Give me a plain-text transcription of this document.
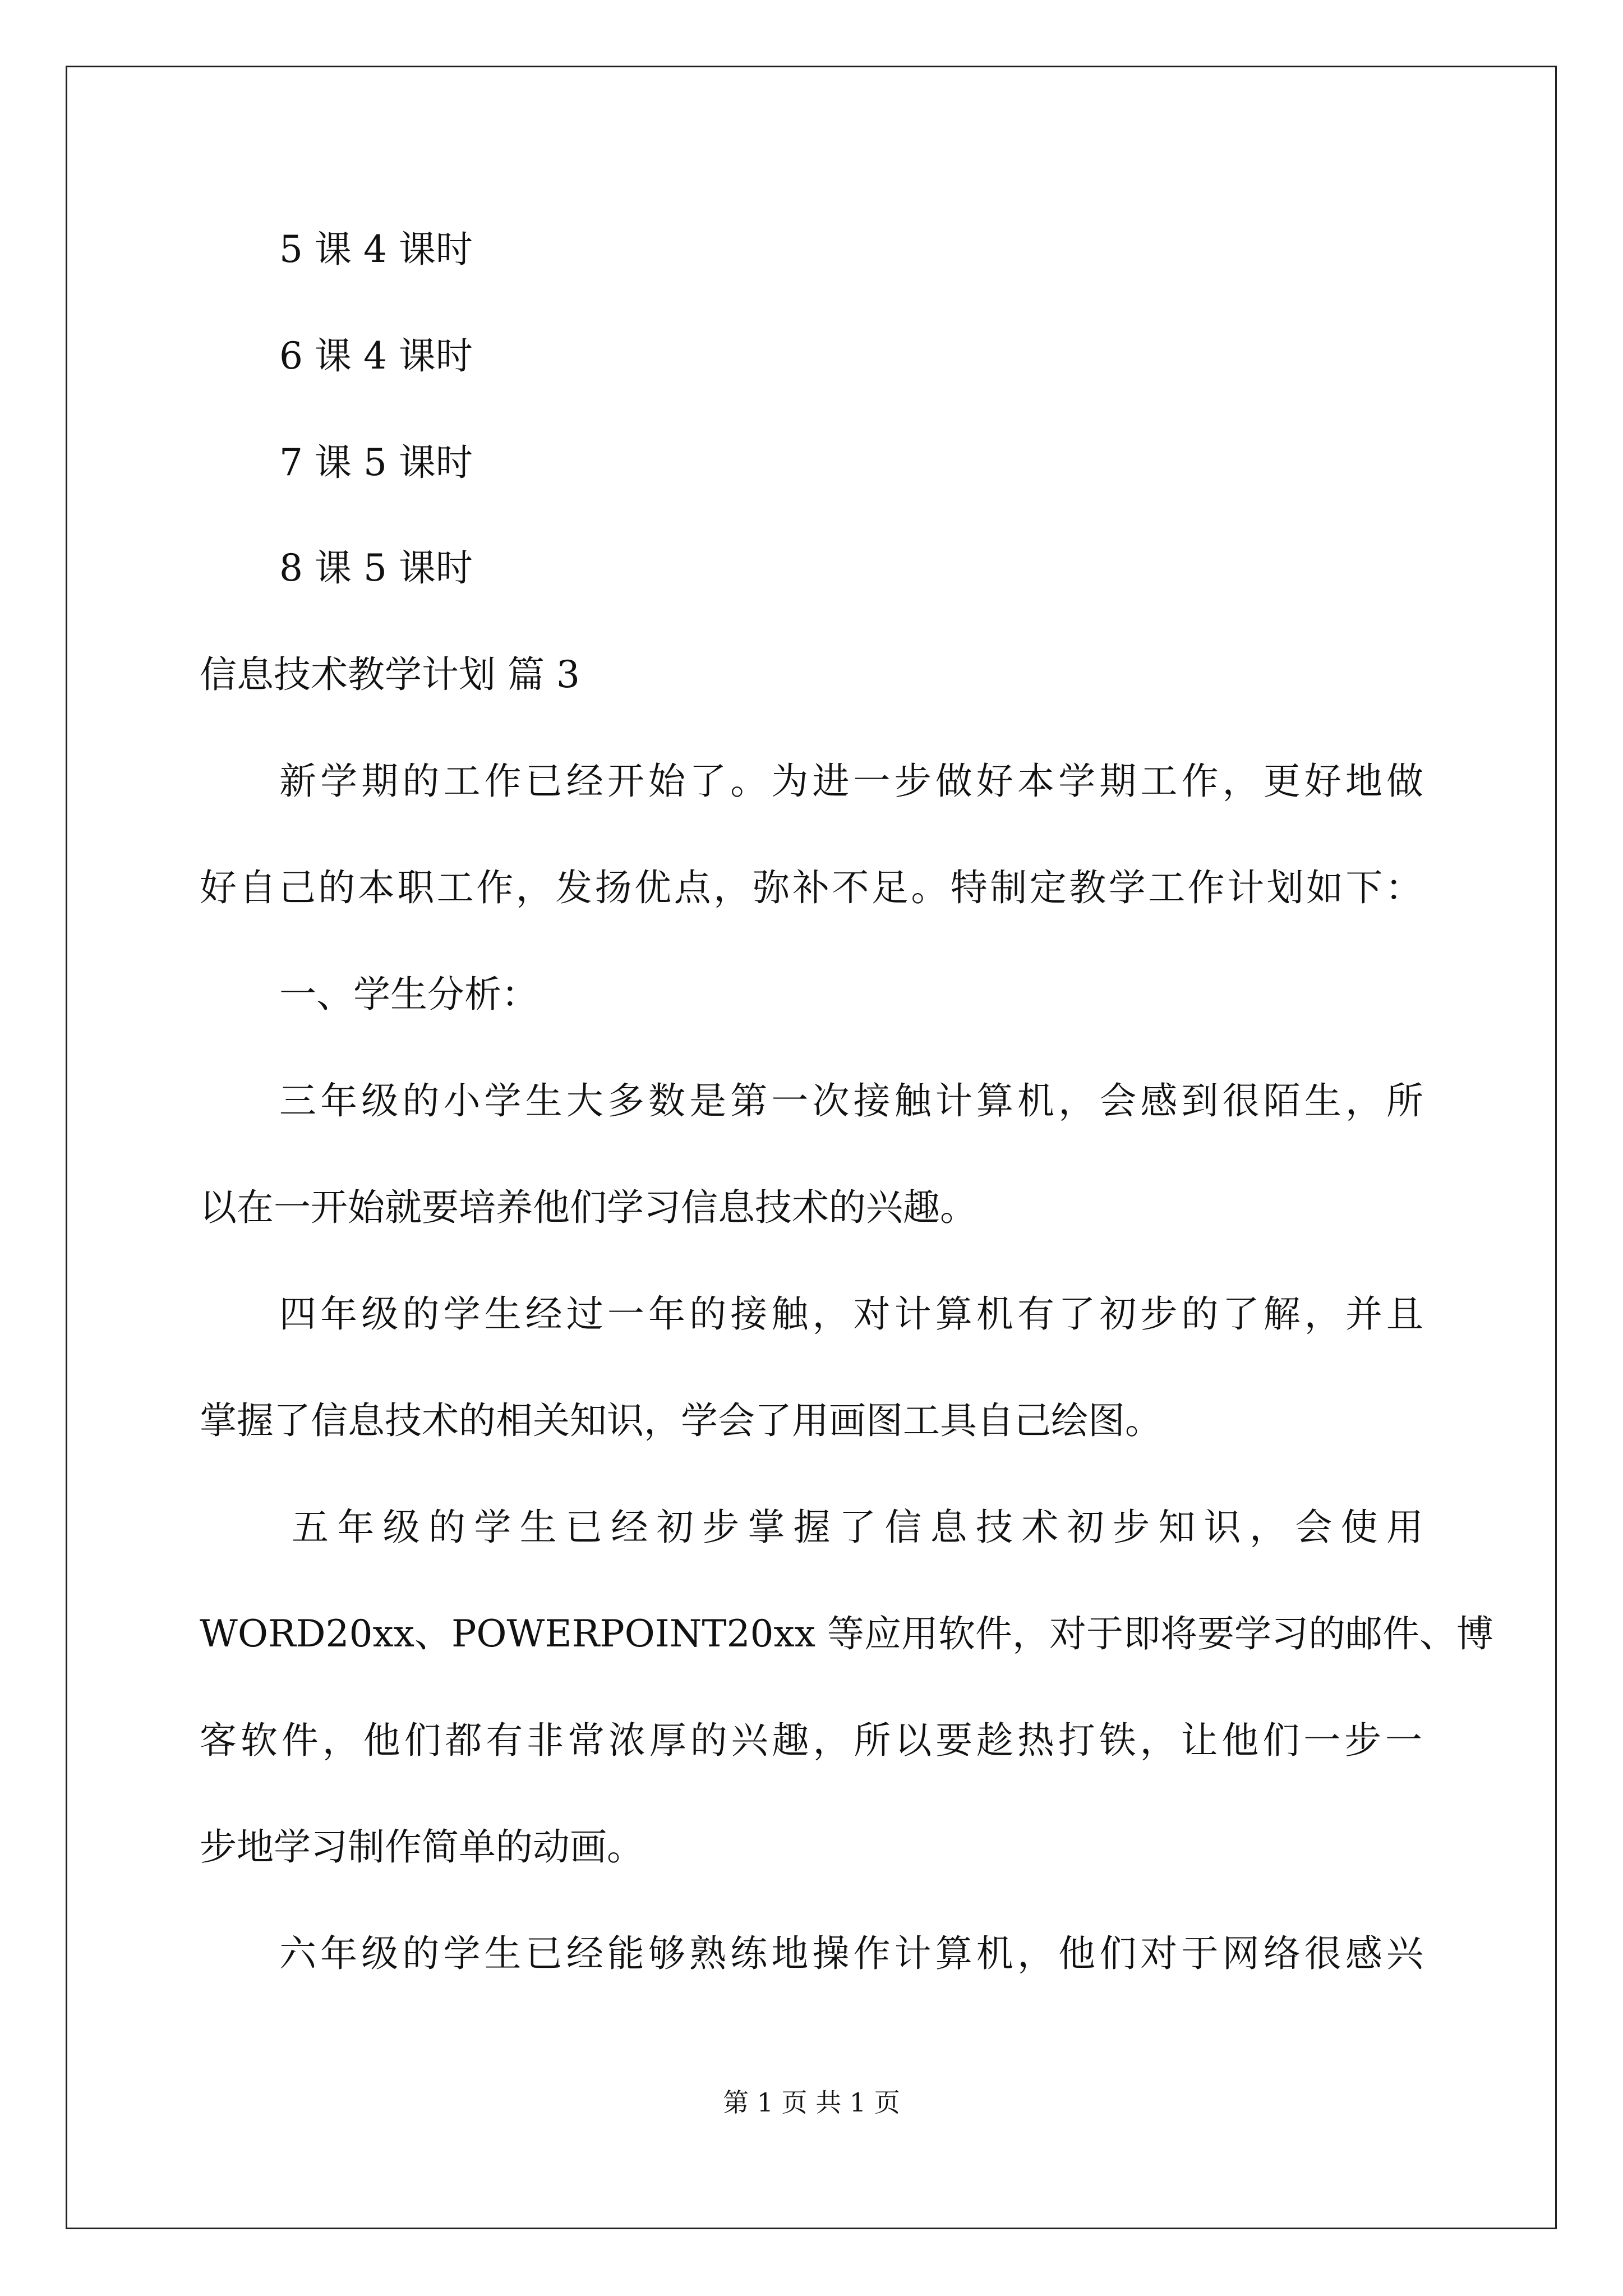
5 课 4 课时
6 课 4 课时
7 课 5 课时
8 课 5 课时
信息技术教学计划 篇 3
新学期的工作已经开始了。为进一步做好本学期工作，更好地做
好自己的本职工作，发扬优点，弥补不足。特制定教学工作计划如下：
一、学生分析：
三年级的小学生大多数是第一次接触计算机，会感到很陌生，所
以在一开始就要培养他们学习信息技术的兴趣。
四年级的学生经过一年的接触，对计算机有了初步的了解，并且
掌握了信息技术的相关知识，学会了用画图工具自己绘图。
五年级的学生已经初步掌握了信息技术初步知识，会使用
WORD20xx、POWERPOINT20xx 等应用软件，对于即将要学习的邮件、博
客软件，他们都有非常浓厚的兴趣，所以要趁热打铁，让他们一步一
步地学习制作简单的动画。
六年级的学生已经能够熟练地操作计算机，他们对于网络很感兴
第 1 页 共 1 页
